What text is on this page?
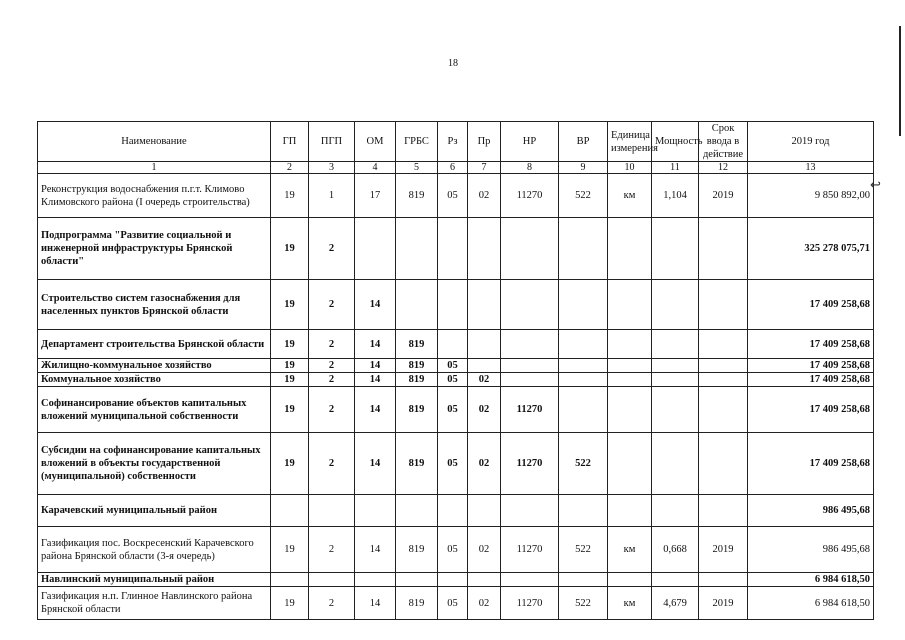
18
↩
Наименование	ГП	ПГП	ОМ	ГРБС	Рз	Пр	НР	ВР	Единица измерения	Мощность	Срок ввода в действие	2019 год
1	2	3	4	5	6	7	8	9	10	11	12	13
Реконструкция водоснабжения п.г.т. Климово Климовского района (I очередь строительства)	19	1	17	819	05	02	11270	522	км	1,104	2019	9 850 892,00
Подпрограмма "Развитие социальной и инженерной инфраструктуры Брянской области"	19	2										325 278 075,71
Строительство систем газоснабжения для населенных пунктов Брянской области	19	2	14									17 409 258,68
Департамент строительства Брянской области	19	2	14	819								17 409 258,68
Жилищно-коммунальное хозяйство	19	2	14	819	05							17 409 258,68
Коммунальное хозяйство	19	2	14	819	05	02						17 409 258,68
Софинансирование объектов капитальных вложений муниципальной собственности	19	2	14	819	05	02	11270					17 409 258,68
Субсидии на софинансирование капитальных вложений в объекты государственной (муниципальной) собственности	19	2	14	819	05	02	11270	522				17 409 258,68
Карачевский муниципальный район												986 495,68
Газификация пос. Воскресенский Карачевского района Брянской области (3-я очередь)	19	2	14	819	05	02	11270	522	км	0,668	2019	986 495,68
Навлинский муниципальный район												6 984 618,50
Газификация н.п. Глинное Навлинского района Брянской области	19	2	14	819	05	02	11270	522	км	4,679	2019	6 984 618,50
